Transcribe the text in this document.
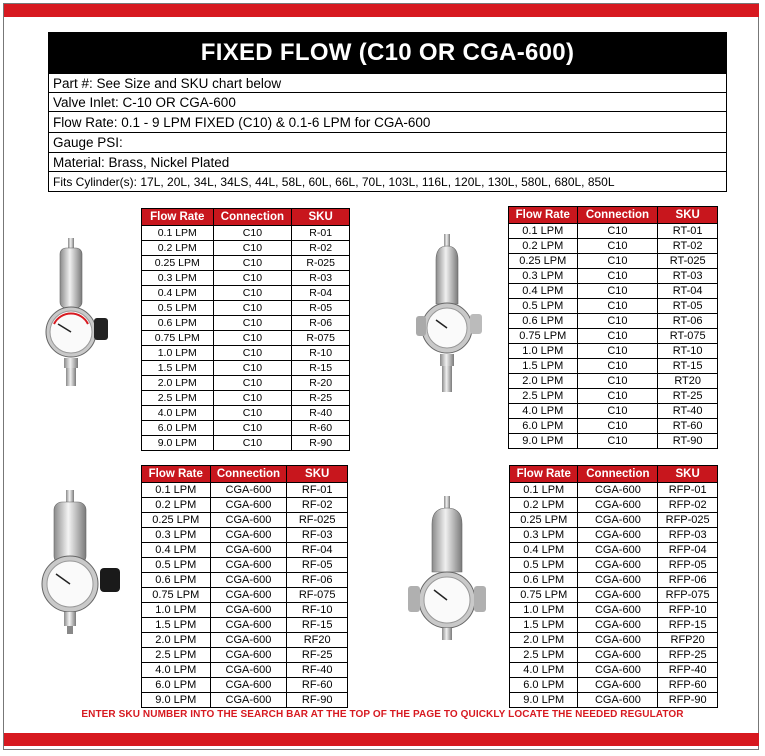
FIXED FLOW (C10 OR CGA-600)
Part #: See Size and SKU chart below
Valve Inlet: C-10 OR CGA-600
Flow Rate: 0.1 - 9 LPM FIXED (C10) & 0.1-6 LPM for CGA-600
Gauge PSI:
Material: Brass, Nickel Plated
Fits Cylinder(s): 17L, 20L, 34L, 34LS, 44L, 58L, 60L, 66L, 70L, 103L, 116L, 120L, 130L, 580L, 680L, 850L
Flow Rate	Connection	SKU
0.1 LPM	C10	R-01
0.2 LPM	C10	R-02
0.25 LPM	C10	R-025
0.3 LPM	C10	R-03
0.4 LPM	C10	R-04
0.5 LPM	C10	R-05
0.6 LPM	C10	R-06
0.75 LPM	C10	R-075
1.0 LPM	C10	R-10
1.5 LPM	C10	R-15
2.0 LPM	C10	R-20
2.5 LPM	C10	R-25
4.0 LPM	C10	R-40
6.0 LPM	C10	R-60
9.0 LPM	C10	R-90
Flow Rate	Connection	SKU
0.1 LPM	C10	RT-01
0.2 LPM	C10	RT-02
0.25 LPM	C10	RT-025
0.3 LPM	C10	RT-03
0.4 LPM	C10	RT-04
0.5 LPM	C10	RT-05
0.6 LPM	C10	RT-06
0.75 LPM	C10	RT-075
1.0 LPM	C10	RT-10
1.5 LPM	C10	RT-15
2.0 LPM	C10	RT20
2.5 LPM	C10	RT-25
4.0 LPM	C10	RT-40
6.0 LPM	C10	RT-60
9.0 LPM	C10	RT-90
Flow Rate	Connection	SKU
0.1 LPM	CGA-600	RF-01
0.2 LPM	CGA-600	RF-02
0.25 LPM	CGA-600	RF-025
0.3 LPM	CGA-600	RF-03
0.4 LPM	CGA-600	RF-04
0.5 LPM	CGA-600	RF-05
0.6 LPM	CGA-600	RF-06
0.75 LPM	CGA-600	RF-075
1.0 LPM	CGA-600	RF-10
1.5 LPM	CGA-600	RF-15
2.0 LPM	CGA-600	RF20
2.5 LPM	CGA-600	RF-25
4.0 LPM	CGA-600	RF-40
6.0 LPM	CGA-600	RF-60
9.0 LPM	CGA-600	RF-90
Flow Rate	Connection	SKU
0.1 LPM	CGA-600	RFP-01
0.2 LPM	CGA-600	RFP-02
0.25 LPM	CGA-600	RFP-025
0.3 LPM	CGA-600	RFP-03
0.4 LPM	CGA-600	RFP-04
0.5 LPM	CGA-600	RFP-05
0.6 LPM	CGA-600	RFP-06
0.75 LPM	CGA-600	RFP-075
1.0 LPM	CGA-600	RFP-10
1.5 LPM	CGA-600	RFP-15
2.0 LPM	CGA-600	RFP20
2.5 LPM	CGA-600	RFP-25
4.0 LPM	CGA-600	RFP-40
6.0 LPM	CGA-600	RFP-60
9.0 LPM	CGA-600	RFP-90
ENTER SKU NUMBER INTO THE SEARCH BAR AT THE TOP OF THE PAGE TO QUICKLY LOCATE THE NEEDED REGULATOR
